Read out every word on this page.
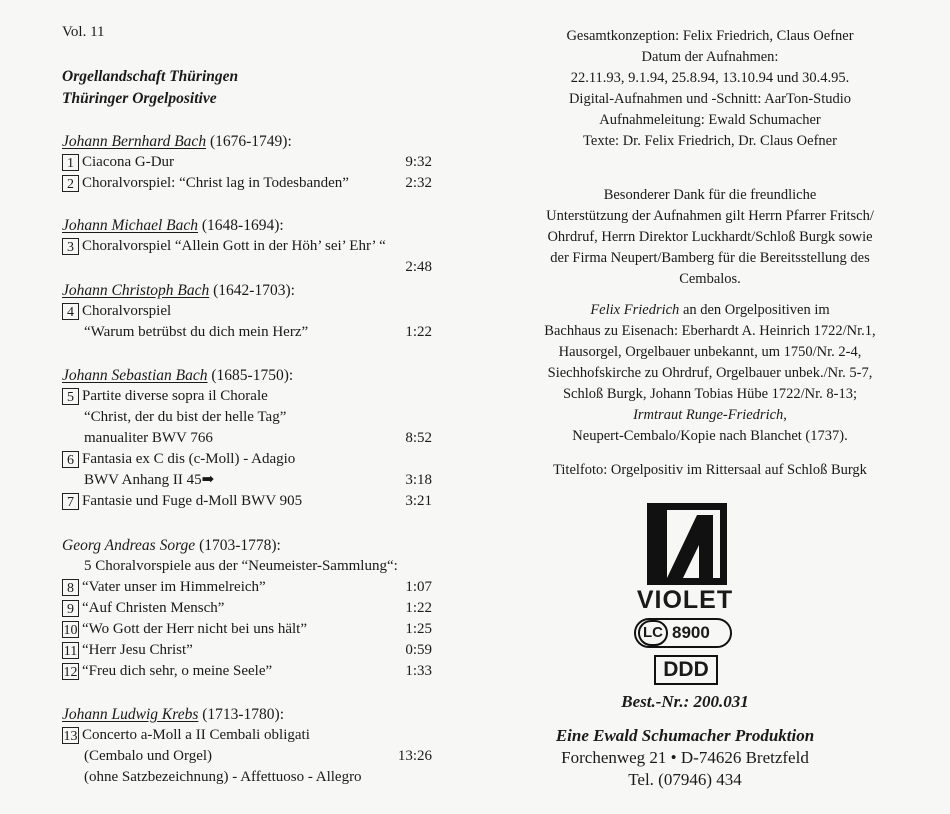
Vol. 11
Orgellandschaft Thüringen
Thüringer Orgelpositive
Johann Bernhard Bach (1676-1749):
1 Ciacona G-Dur	9:32
2 Choralvorspiel: “Christ lag in Todesbanden”	2:32
Johann Michael Bach (1648-1694):
3 Choralvorspiel “Allein Gott in der Höh’ sei’ Ehr’ “
2:48
Johann Christoph Bach (1642-1703):
4 Choralvorspiel
“Warum betrübst du dich mein Herz”	1:22
Johann Sebastian Bach (1685-1750):
5 Partite diverse sopra il Chorale
“Christ, der du bist der helle Tag”
manualiter BWV 766	8:52
6 Fantasia ex C dis (c-Moll) - Adagio
BWV Anhang II 45➡	3:18
7Fantasie und Fuge d-Moll BWV 905	3:21
Georg Andreas Sorge (1703-1778):
5 Choralvorspiele aus der “Neumeister-Sammlung“:
8 “Vater unser im Himmelreich”	1:07
9 “Auf Christen Mensch”	1:22
10 “Wo Gott der Herr nicht bei uns hält”	1:25
11 “Herr Jesu Christ”	0:59
12 “Freu dich sehr, o meine Seele”	1:33
Johann Ludwig Krebs (1713-1780):
13 Concerto a-Moll a II Cembali obligati
(Cembalo und Orgel)	13:26
(ohne Satzbezeichnung) - Affettuoso - Allegro
Gesamtkonzeption: Felix Friedrich, Claus Oefner
Datum der Aufnahmen:
22.11.93, 9.1.94, 25.8.94, 13.10.94 und 30.4.95.
Digital-Aufnahmen und -Schnitt: AarTon-Studio
Aufnahmeleitung: Ewald Schumacher
Texte: Dr. Felix Friedrich, Dr. Claus Oefner
Besonderer Dank für die freundliche
Unterstützung der Aufnahmen gilt Herrn Pfarrer Fritsch/
Ohrdruf, Herrn Direktor Luckhardt/Schloß Burgk sowie
der Firma Neupert/Bamberg für die Bereitsstellung des
Cembalos.
Felix Friedrich an den Orgelpositiven im
Bachhaus zu Eisenach: Eberhardt A. Heinrich 1722/Nr.1,
Hausorgel, Orgelbauer unbekannt, um 1750/Nr. 2-4,
Siechhofskirche zu Ohrdruf, Orgelbauer unbek./Nr. 5-7,
Schloß Burgk, Johann Tobias Hübe 1722/Nr. 8-13;
Irmtraut Runge-Friedrich,
Neupert-Cembalo/Kopie nach Blanchet (1737).
Titelfoto: Orgelpositiv im Rittersaal auf Schloß Burgk
VIOLET
LC 8900
DDD
Best.-Nr.: 200.031
Eine Ewald Schumacher Produktion
Forchenweg 21 • D-74626 Bretzfeld
Tel. (07946) 434
